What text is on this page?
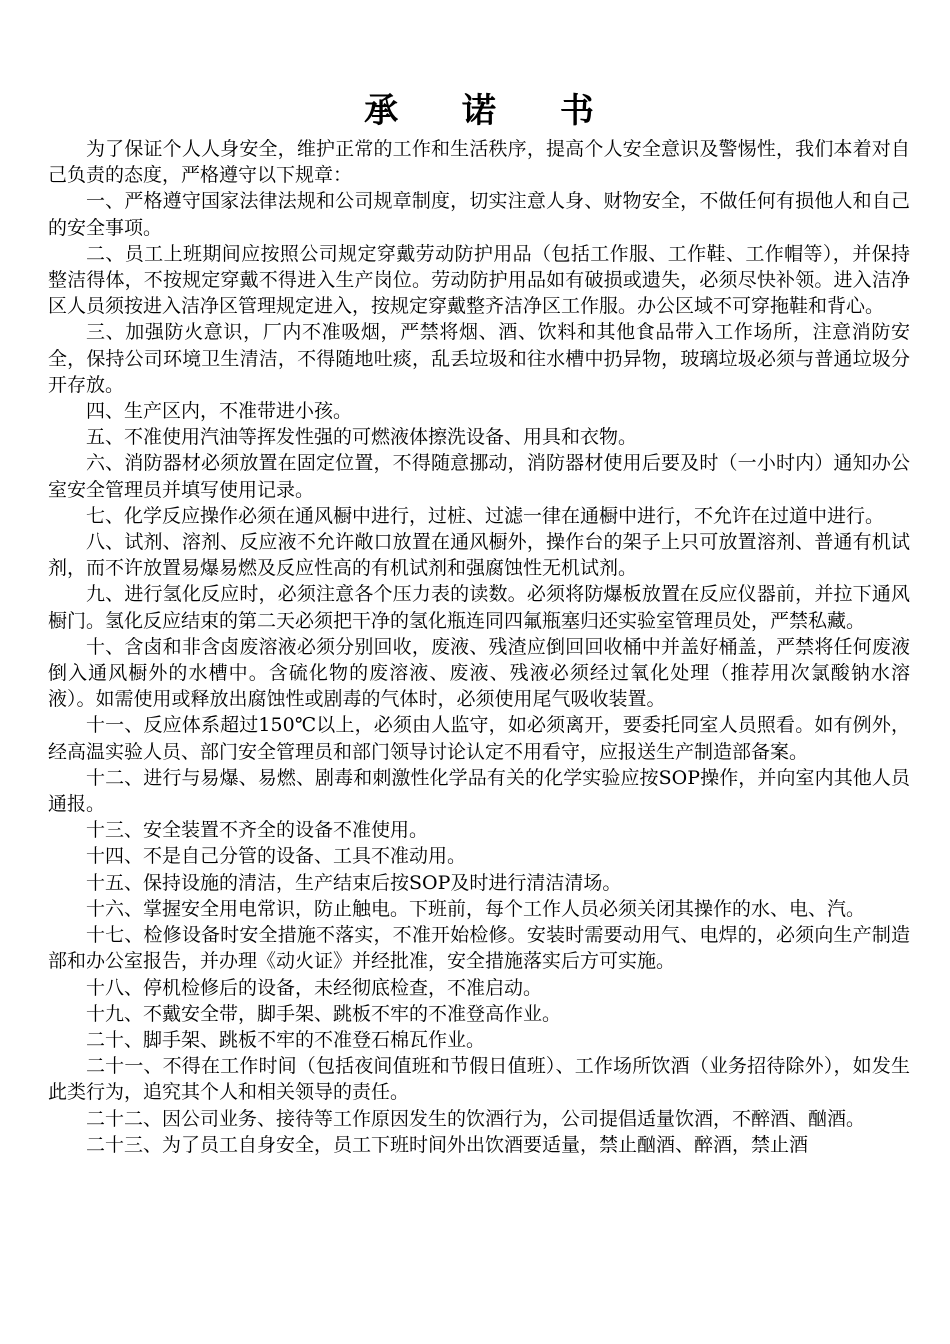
承 诺 书

为了保证个人人身安全，维护正常的工作和生活秩序，提高个人安全意识及警惕性，我们本着对自己负责的态度，严格遵守以下规章：

一、严格遵守国家法律法规和公司规章制度，切实注意人身、财物安全，不做任何有损他人和自己的安全事项。

二、员工上班期间应按照公司规定穿戴劳动防护用品（包括工作服、工作鞋、工作帽等），并保持整洁得体，不按规定穿戴不得进入生产岗位。劳动防护用品如有破损或遗失，必须尽快补领。进入洁净区人员须按进入洁净区管理规定进入，按规定穿戴整齐洁净区工作服。办公区域不可穿拖鞋和背心。

三、加强防火意识，厂内不准吸烟，严禁将烟、酒、饮料和其他食品带入工作场所，注意消防安全，保持公司环境卫生清洁，不得随地吐痰，乱丢垃圾和往水槽中扔异物，玻璃垃圾必须与普通垃圾分开存放。

四、生产区内，不准带进小孩。

五、不准使用汽油等挥发性强的可燃液体擦洗设备、用具和衣物。

六、消防器材必须放置在固定位置，不得随意挪动，消防器材使用后要及时（一小时内）通知办公室安全管理员并填写使用记录。

七、化学反应操作必须在通风橱中进行，过桩、过滤一律在通橱中进行，不允许在过道中进行。

八、试剂、溶剂、反应液不允许敞口放置在通风橱外，操作台的架子上只可放置溶剂、普通有机试剂，而不许放置易爆易燃及反应性高的有机试剂和强腐蚀性无机试剂。

九、进行氢化反应时，必须注意各个压力表的读数。必须将防爆板放置在反应仪器前，并拉下通风橱门。氢化反应结束的第二天必须把干净的氢化瓶连同四氟瓶塞归还实验室管理员处，严禁私藏。

十、含卤和非含卤废溶液必须分别回收，废液、残渣应倒回回收桶中并盖好桶盖，严禁将任何废液倒入通风橱外的水槽中。含硫化物的废溶液、废液、残液必须经过氧化处理（推荐用次氯酸钠水溶液）。如需使用或释放出腐蚀性或剧毒的气体时，必须使用尾气吸收装置。

十一、反应体系超过150℃以上，必须由人监守，如必须离开，要委托同室人员照看。如有例外，经高温实验人员、部门安全管理员和部门领导讨论认定不用看守，应报送生产制造部备案。

十二、进行与易爆、易燃、剧毒和刺激性化学品有关的化学实验应按SOP操作，并向室内其他人员通报。

十三、安全装置不齐全的设备不准使用。

十四、不是自己分管的设备、工具不准动用。

十五、保持设施的清洁，生产结束后按SOP及时进行清洁清场。

十六、掌握安全用电常识，防止触电。下班前，每个工作人员必须关闭其操作的水、电、汽。

十七、检修设备时安全措施不落实，不准开始检修。安装时需要动用气、电焊的，必须向生产制造部和办公室报告，并办理《动火证》并经批准，安全措施落实后方可实施。

十八、停机检修后的设备，未经彻底检查，不准启动。

十九、不戴安全带，脚手架、跳板不牢的不准登高作业。

二十、脚手架、跳板不牢的不准登石棉瓦作业。

二十一、不得在工作时间（包括夜间值班和节假日值班）、工作场所饮酒（业务招待除外），如发生此类行为，追究其个人和相关领导的责任。

二十二、因公司业务、接待等工作原因发生的饮酒行为，公司提倡适量饮酒，不醉酒、酗酒。

二十三、为了员工自身安全，员工下班时间外出饮酒要适量，禁止酗酒、醉酒，禁止酒
